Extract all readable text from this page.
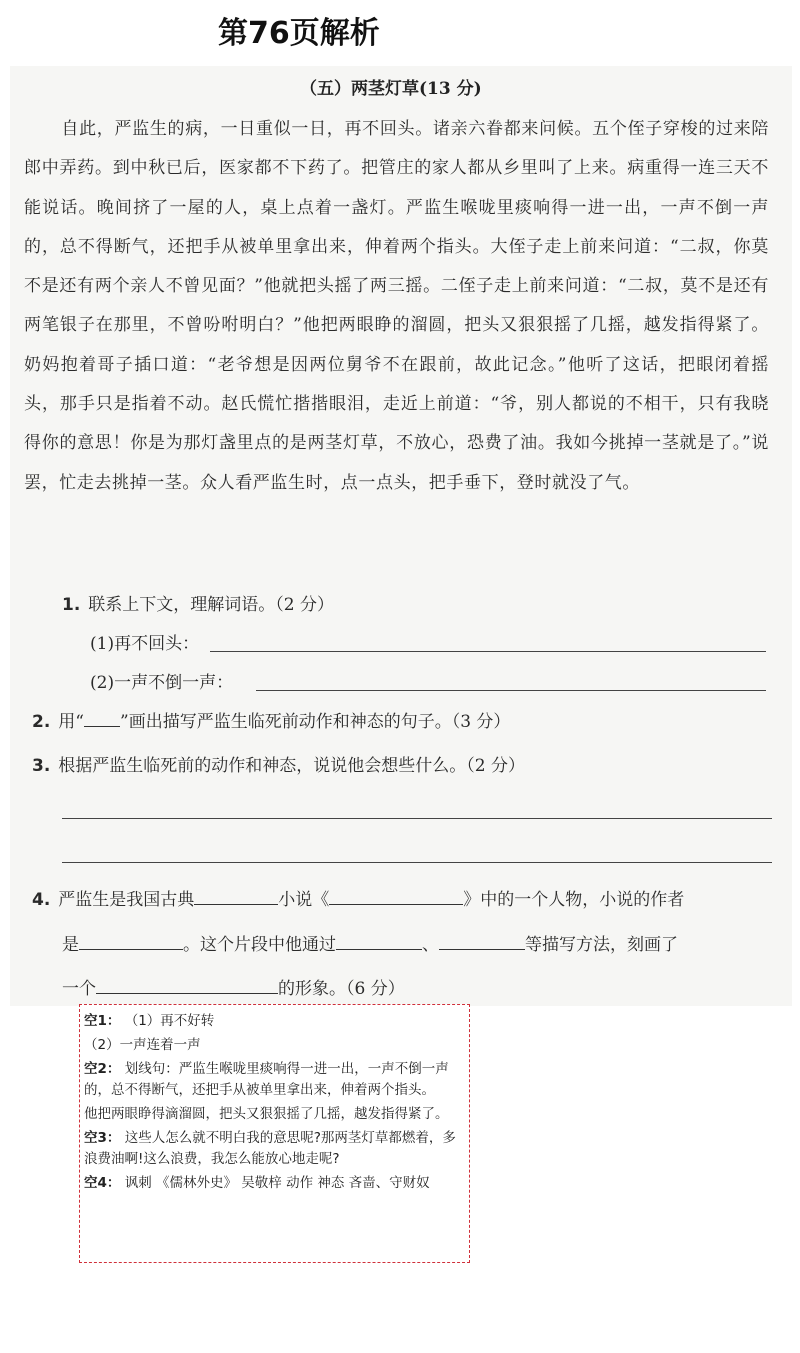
第76页解析
（五）两茎灯草(13 分)
自此，严监生的病，一日重似一日，再不回头。诸亲六眷都来问候。五个侄子穿梭的过来陪郎中弄药。到中秋已后，医家都不下药了。把管庄的家人都从乡里叫了上来。病重得一连三天不能说话。晚间挤了一屋的人，桌上点着一盏灯。严监生喉咙里痰响得一进一出，一声不倒一声的，总不得断气，还把手从被单里拿出来，伸着两个指头。大侄子走上前来问道：“二叔，你莫不是还有两个亲人不曾见面？”他就把头摇了两三摇。二侄子走上前来问道：“二叔，莫不是还有两笔银子在那里，不曾吩咐明白？”他把两眼睁的溜圆，把头又狠狠摇了几摇，越发指得紧了。奶妈抱着哥子插口道：“老爷想是因两位舅爷不在跟前，故此记念。”他听了这话，把眼闭着摇头，那手只是指着不动。赵氏慌忙揩揩眼泪，走近上前道：“爷，别人都说的不相干，只有我晓得你的意思！你是为那灯盏里点的是两茎灯草，不放心，恐费了油。我如今挑掉一茎就是了。”说罢，忙走去挑掉一茎。众人看严监生时，点一点头，把手垂下，登时就没了气。
1. 联系上下文，理解词语。（2 分）
(1)再不回头：
(2)一声不倒一声：
2. 用“ ”画出描写严监生临死前动作和神态的句子。（3 分）
3. 根据严监生临死前的动作和神态，说说他会想些什么。（2 分）
4. 严监生是我国古典	小说《	》中的一个人物，小说的作者
是	。这个片段中他通过	、	等描写方法，刻画了
一个	的形象。（6 分）

空1： （1）再不好转

（2）一声连着一声

空2： 划线句：严监生喉咙里痰响得一进一出，一声不倒一声的，总不得断气，还把手从被单里拿出来，伸着两个指头。

他把两眼睁得滴溜圆，把头又狠狠摇了几摇，越发指得紧了。

空3： 这些人怎么就不明白我的意思呢?那两茎灯草都燃着，多浪费油啊!这么浪费，我怎么能放心地走呢?

空4： 讽刺 《儒林外史》 吴敬梓 动作 神态 吝啬、守财奴
